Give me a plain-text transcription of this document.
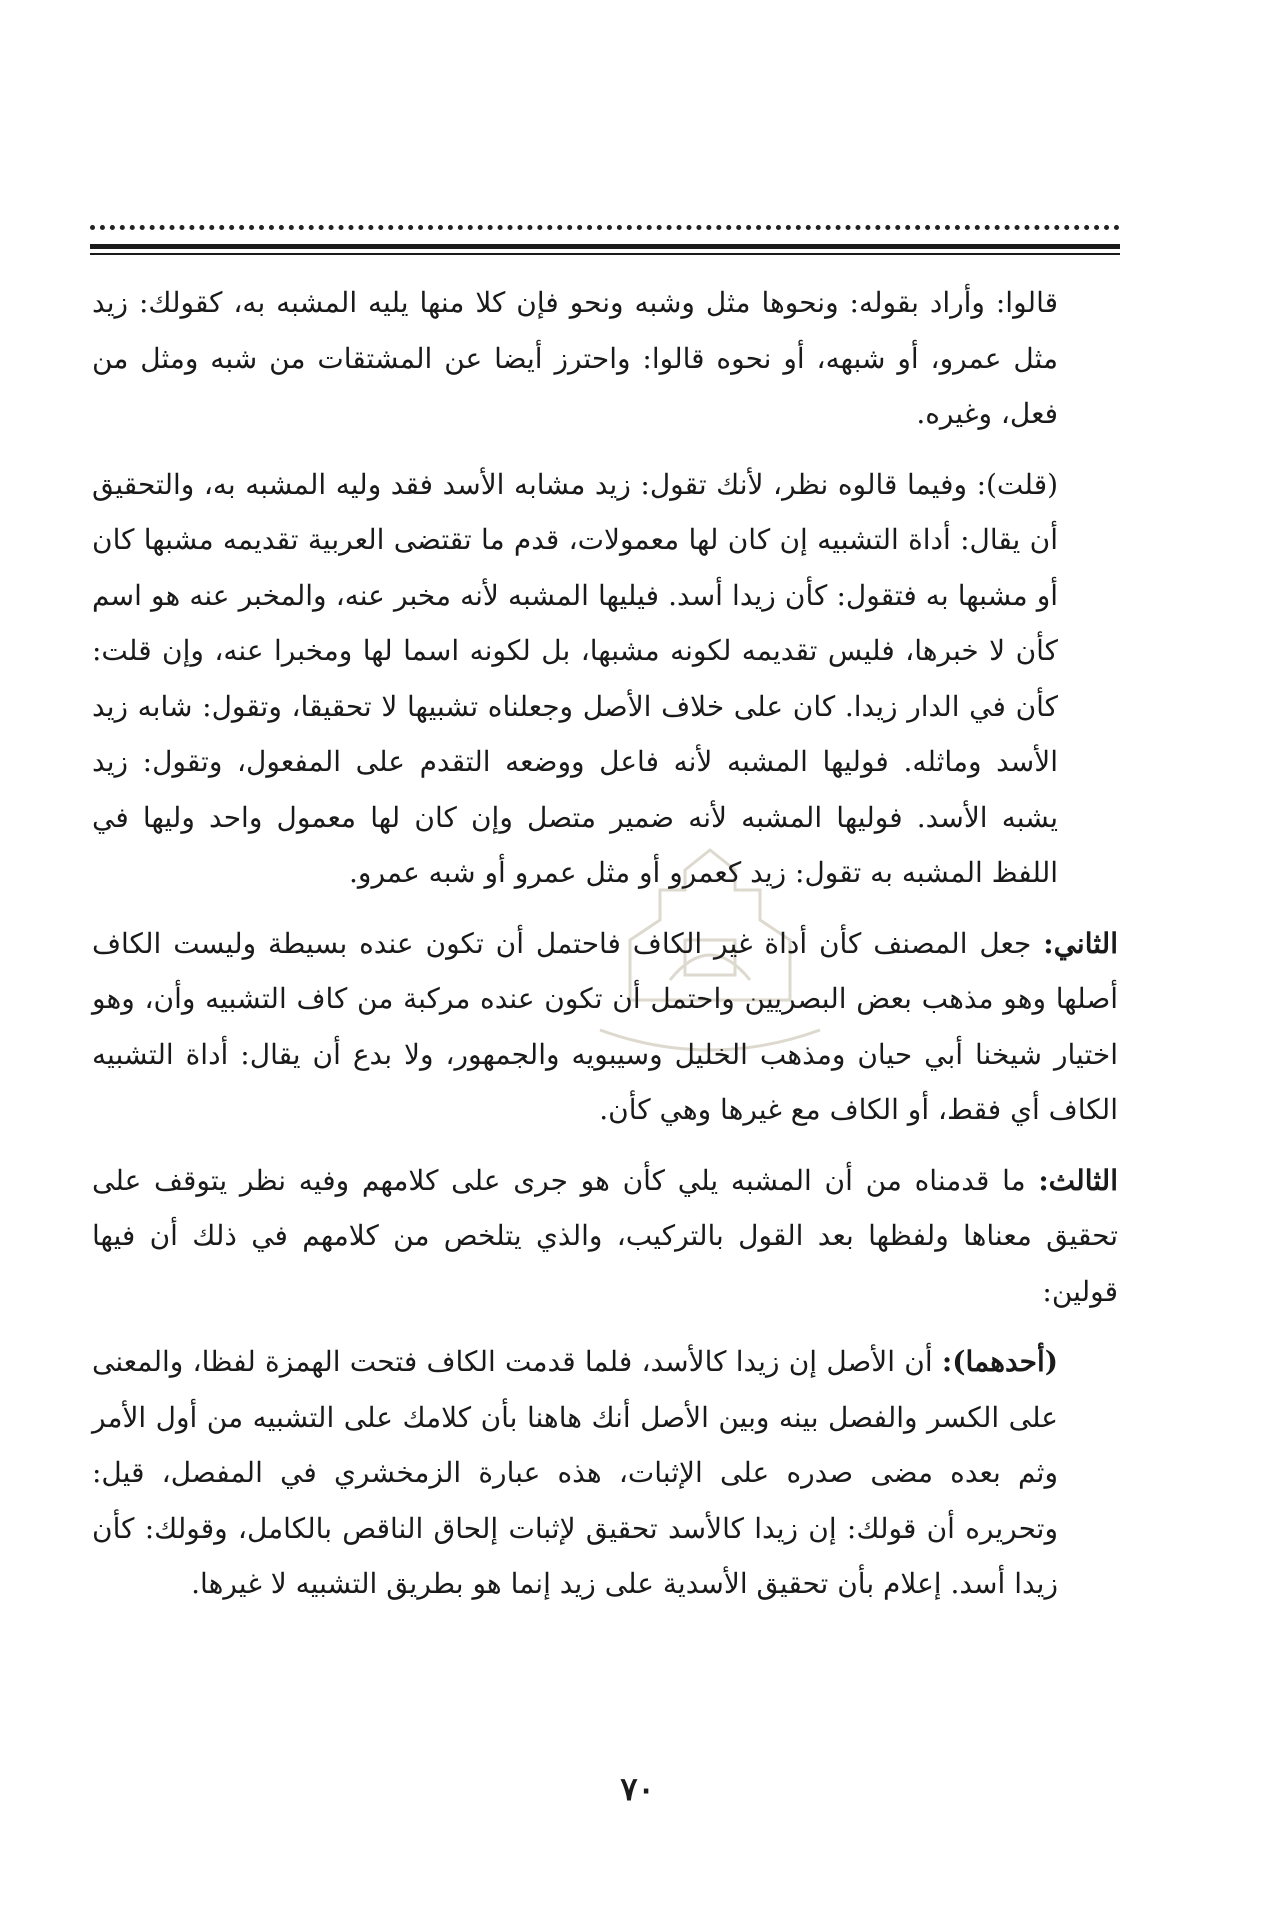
قالوا: وأراد بقوله: ونحوها مثل وشبه ونحو فإن كلا منها يليه المشبه به، كقولك: زيد مثل عمرو، أو شبهه، أو نحوه قالوا: واحترز أيضا عن المشتقات من شبه ومثل من فعل، وغيره.

(قلت): وفيما قالوه نظر، لأنك تقول: زيد مشابه الأسد فقد وليه المشبه به، والتحقيق أن يقال: أداة التشبيه إن كان لها معمولات، قدم ما تقتضى العربية تقديمه مشبها كان أو مشبها به فتقول: كأن زيدا أسد. فيليها المشبه لأنه مخبر عنه، والمخبر عنه هو اسم كأن لا خبرها، فليس تقديمه لكونه مشبها، بل لكونه اسما لها ومخبرا عنه، وإن قلت: كأن في الدار زيدا. كان على خلاف الأصل وجعلناه تشبيها لا تحقيقا، وتقول: شابه زيد الأسد وماثله. فوليها المشبه لأنه فاعل ووضعه التقدم على المفعول، وتقول: زيد يشبه الأسد. فوليها المشبه لأنه ضمير متصل وإن كان لها معمول واحد وليها في اللفظ المشبه به تقول: زيد كعمرو أو مثل عمرو أو شبه عمرو.

الثاني: جعل المصنف كأن أداة غير الكاف فاحتمل أن تكون عنده بسيطة وليست الكاف أصلها وهو مذهب بعض البصريين واحتمل أن تكون عنده مركبة من كاف التشبيه وأن، وهو اختيار شيخنا أبي حيان ومذهب الخليل وسيبويه والجمهور، ولا بدع أن يقال: أداة التشبيه الكاف أي فقط، أو الكاف مع غيرها وهي كأن.

الثالث: ما قدمناه من أن المشبه يلي كأن هو جرى على كلامهم وفيه نظر يتوقف على تحقيق معناها ولفظها بعد القول بالتركيب، والذي يتلخص من كلامهم في ذلك أن فيها قولين:

(أحدهما): أن الأصل إن زيدا كالأسد، فلما قدمت الكاف فتحت الهمزة لفظا، والمعنى على الكسر والفصل بينه وبين الأصل أنك هاهنا بأن كلامك على التشبيه من أول الأمر وثم بعده مضى صدره على الإثبات، هذه عبارة الزمخشري في المفصل، قيل: وتحريره أن قولك: إن زيدا كالأسد تحقيق لإثبات إلحاق الناقص بالكامل، وقولك: كأن زيدا أسد. إعلام بأن تحقيق الأسدية على زيد إنما هو بطريق التشبيه لا غيرها.

٧٠
